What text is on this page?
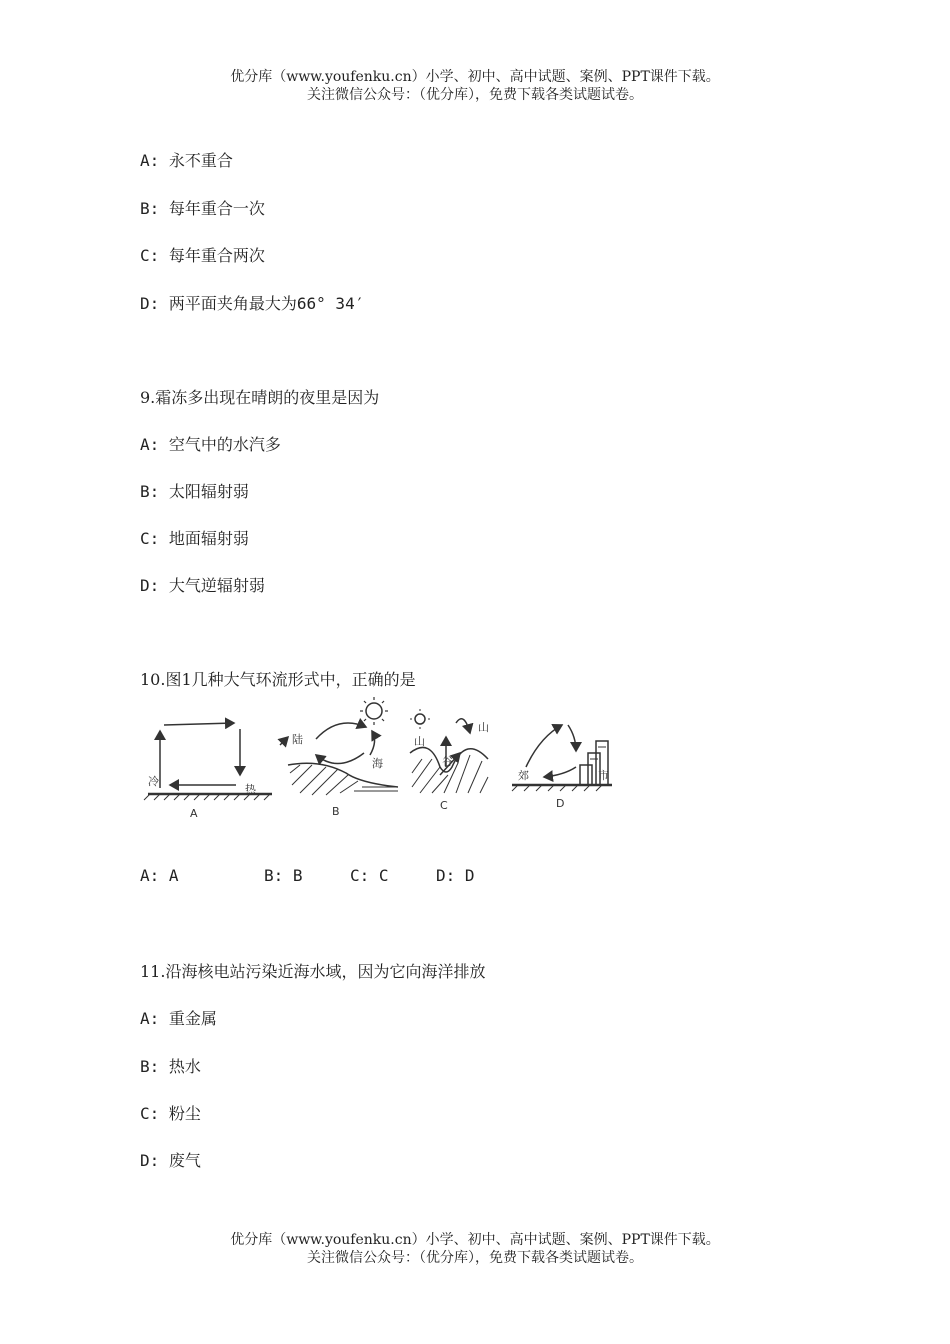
优分库（www.youfenku.cn）小学、初中、高中试题、案例、PPT课件下载。
关注微信公众号：（优分库），免费下载各类试题试卷。
A: 永不重合
B: 每年重合一次
C: 每年重合两次
D: 两平面夹角最大为66° 34′
9.霜冻多出现在晴朗的夜里是因为
A: 空气中的水汽多
B: 太阳辐射弱
C: 地面辐射弱
D: 大气逆辐射弱
10.图1几种大气环流形式中，正确的是
冷
热
陆
海
山
山
谷
郊	市
A	B	C	D
A: A	B: B	C: C	D: D
11.沿海核电站污染近海水域，因为它向海洋排放
A: 重金属
B: 热水
C: 粉尘
D: 废气
优分库（www.youfenku.cn）小学、初中、高中试题、案例、PPT课件下载。
关注微信公众号：（优分库），免费下载各类试题试卷。
